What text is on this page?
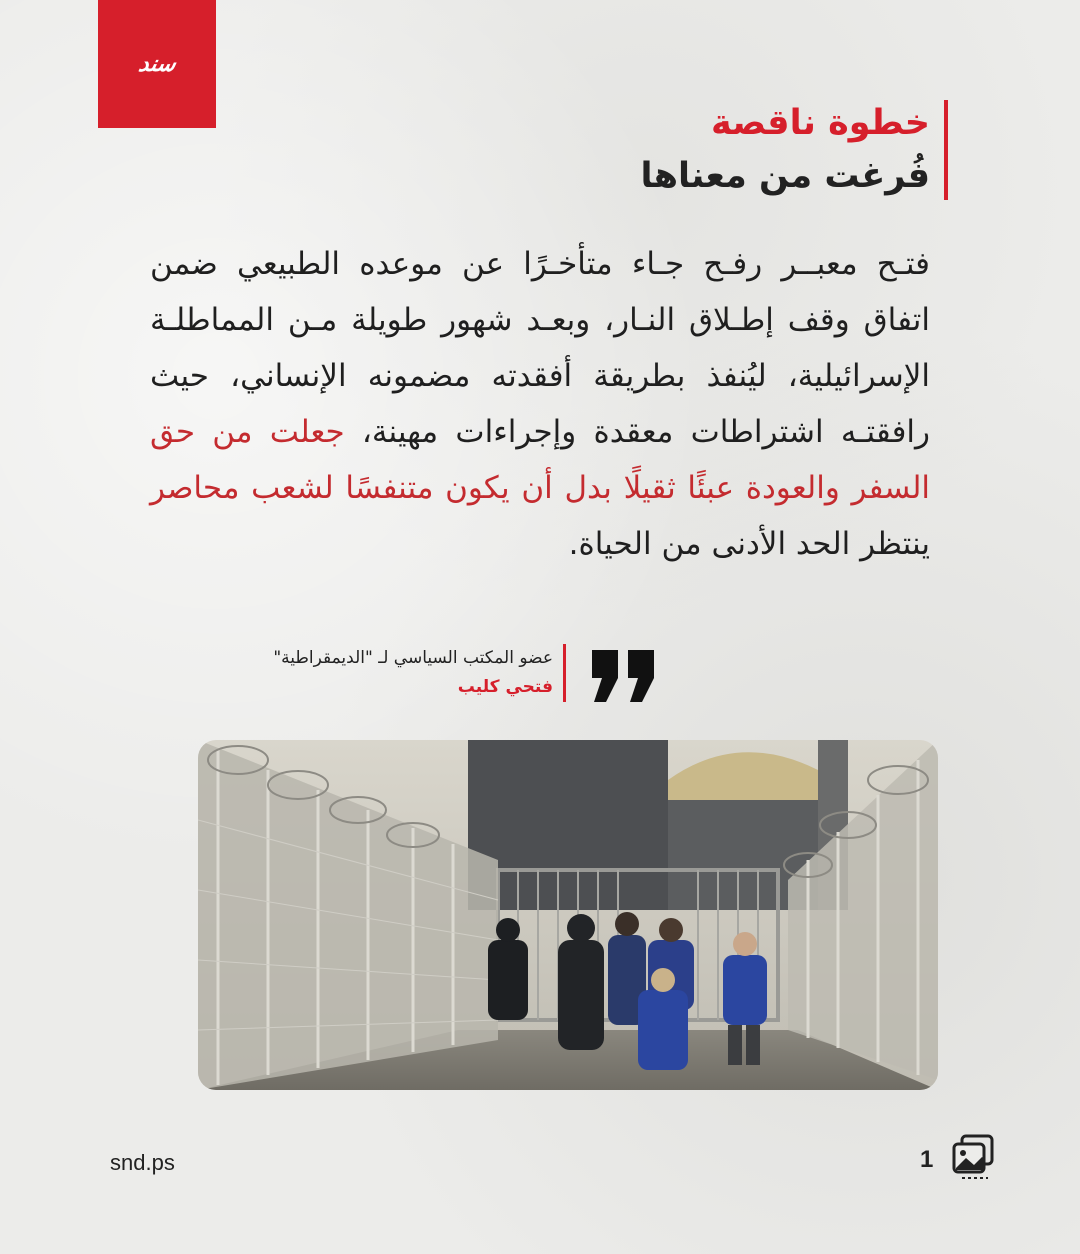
سند
خطوة ناقصة
فُرغت من معناها
فتـح معبــر رفـح جـاء متأخـرًا عن موعده الطبيعي ضمن اتفاق وقف إطـلاق النـار، وبعـد شهور طويلة مـن المماطلـة الإسرائيلية، ليُنفذ بطريقة أفقدته مضمونه الإنساني، حيث رافقتـه اشتراطات معقدة وإجراءات مهينة، جعلت من حق السفر والعودة عبئًا ثقيلًا بدل أن يكون متنفسًا لشعب محاصر ينتظر الحد الأدنى من الحياة.
عضو المكتب السياسي لـ "الديمقراطية"
فتحي كليب
snd.ps	1
